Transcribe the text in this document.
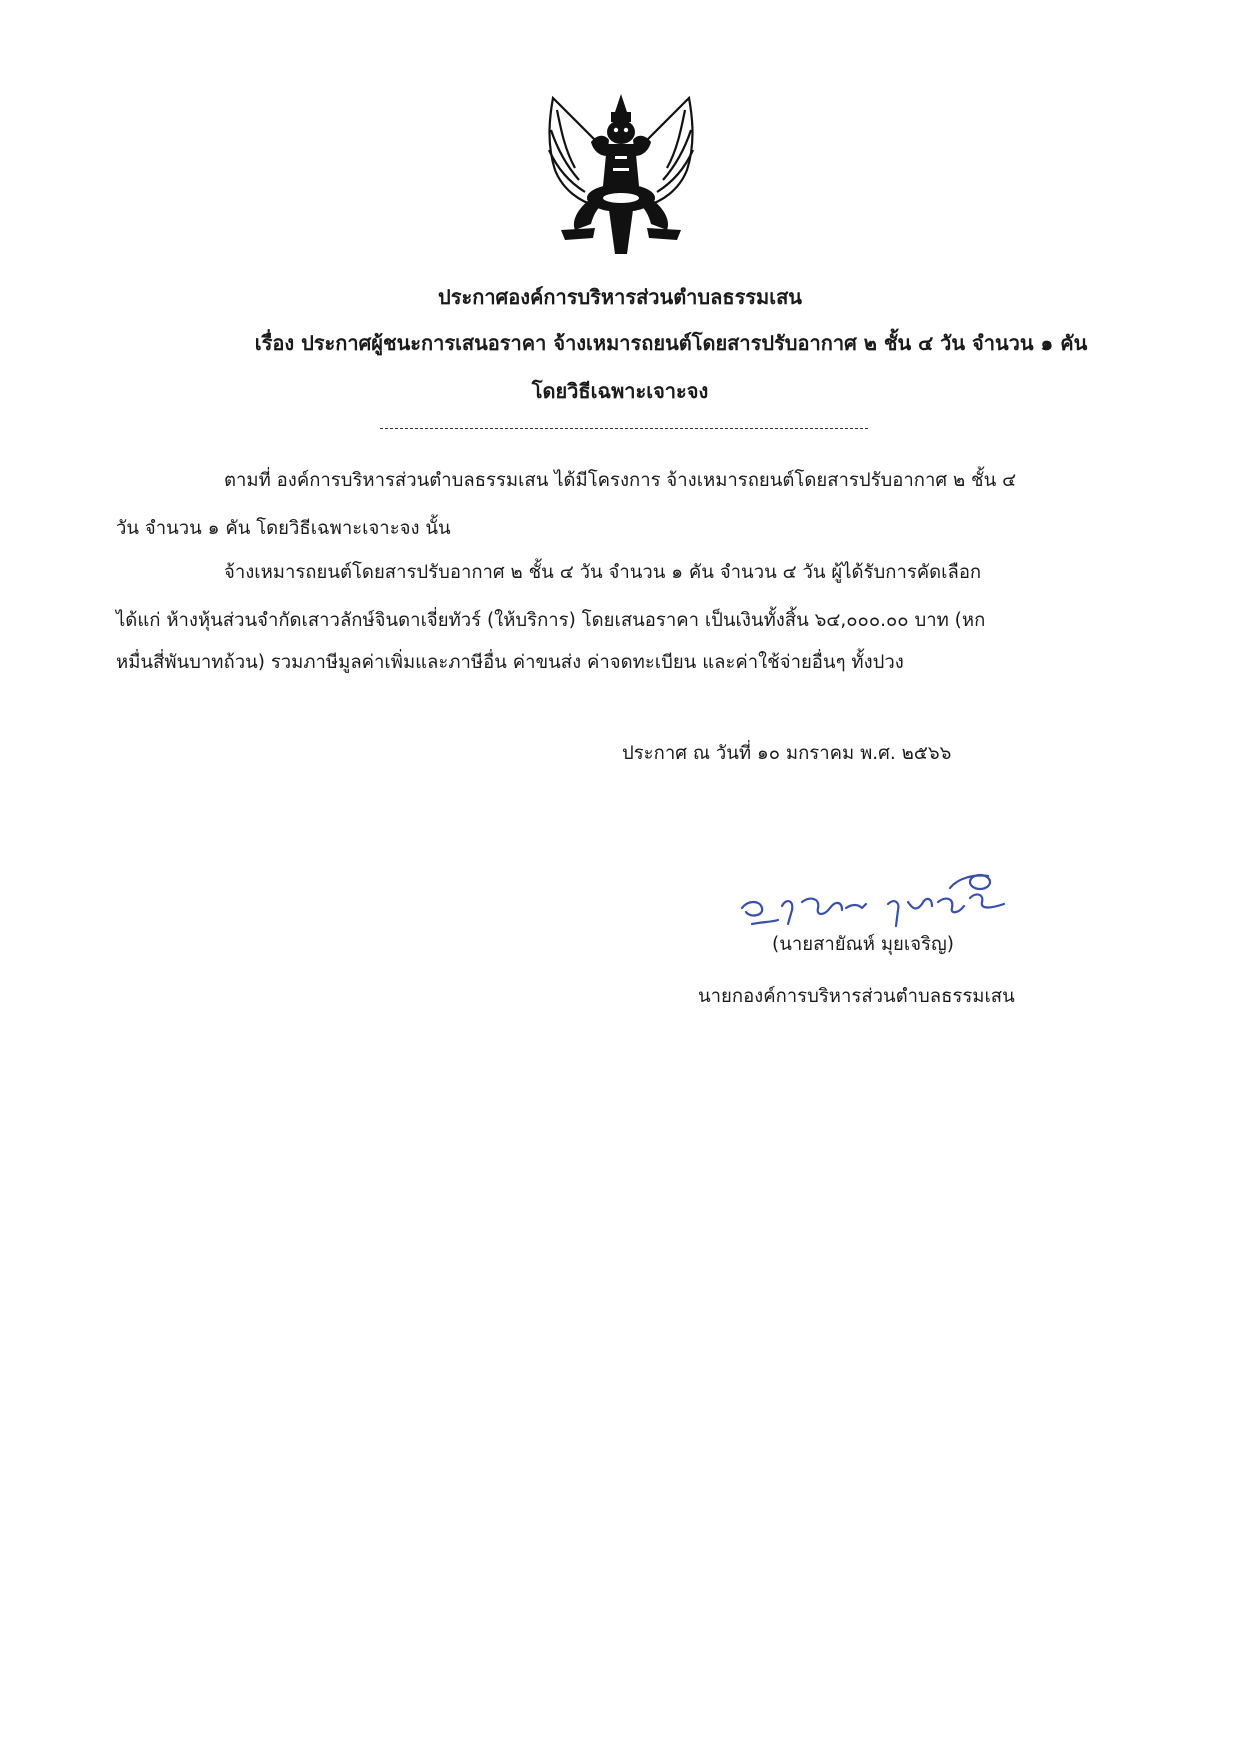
ประกาศองค์การบริหารส่วนตำบลธรรมเสน
เรื่อง ประกาศผู้ชนะการเสนอราคา จ้างเหมารถยนต์โดยสารปรับอากาศ ๒ ชั้น ๔ วัน จำนวน ๑ คัน
โดยวิธีเฉพาะเจาะจง
ตามที่ องค์การบริหารส่วนตำบลธรรมเสน ได้มีโครงการ จ้างเหมารถยนต์โดยสารปรับอากาศ ๒ ชั้น ๔
วัน จำนวน ๑ คัน โดยวิธีเฉพาะเจาะจง นั้น
จ้างเหมารถยนต์โดยสารปรับอากาศ ๒ ชั้น ๔ วัน จำนวน ๑ คัน จำนวน ๔ วัน ผู้ได้รับการคัดเลือก
ได้แก่ ห้างหุ้นส่วนจำกัดเสาวลักษ์จินดาเจี่ยทัวร์ (ให้บริการ) โดยเสนอราคา เป็นเงินทั้งสิ้น ๖๔,๐๐๐.๐๐ บาท (หก
หมื่นสี่พันบาทถ้วน) รวมภาษีมูลค่าเพิ่มและภาษีอื่น ค่าขนส่ง ค่าจดทะเบียน และค่าใช้จ่ายอื่นๆ ทั้งปวง
ประกาศ ณ วันที่ ๑๐ มกราคม พ.ศ. ๒๕๖๖
(นายสายัณห์ มุยเจริญ)
นายกองค์การบริหารส่วนตำบลธรรมเสน
